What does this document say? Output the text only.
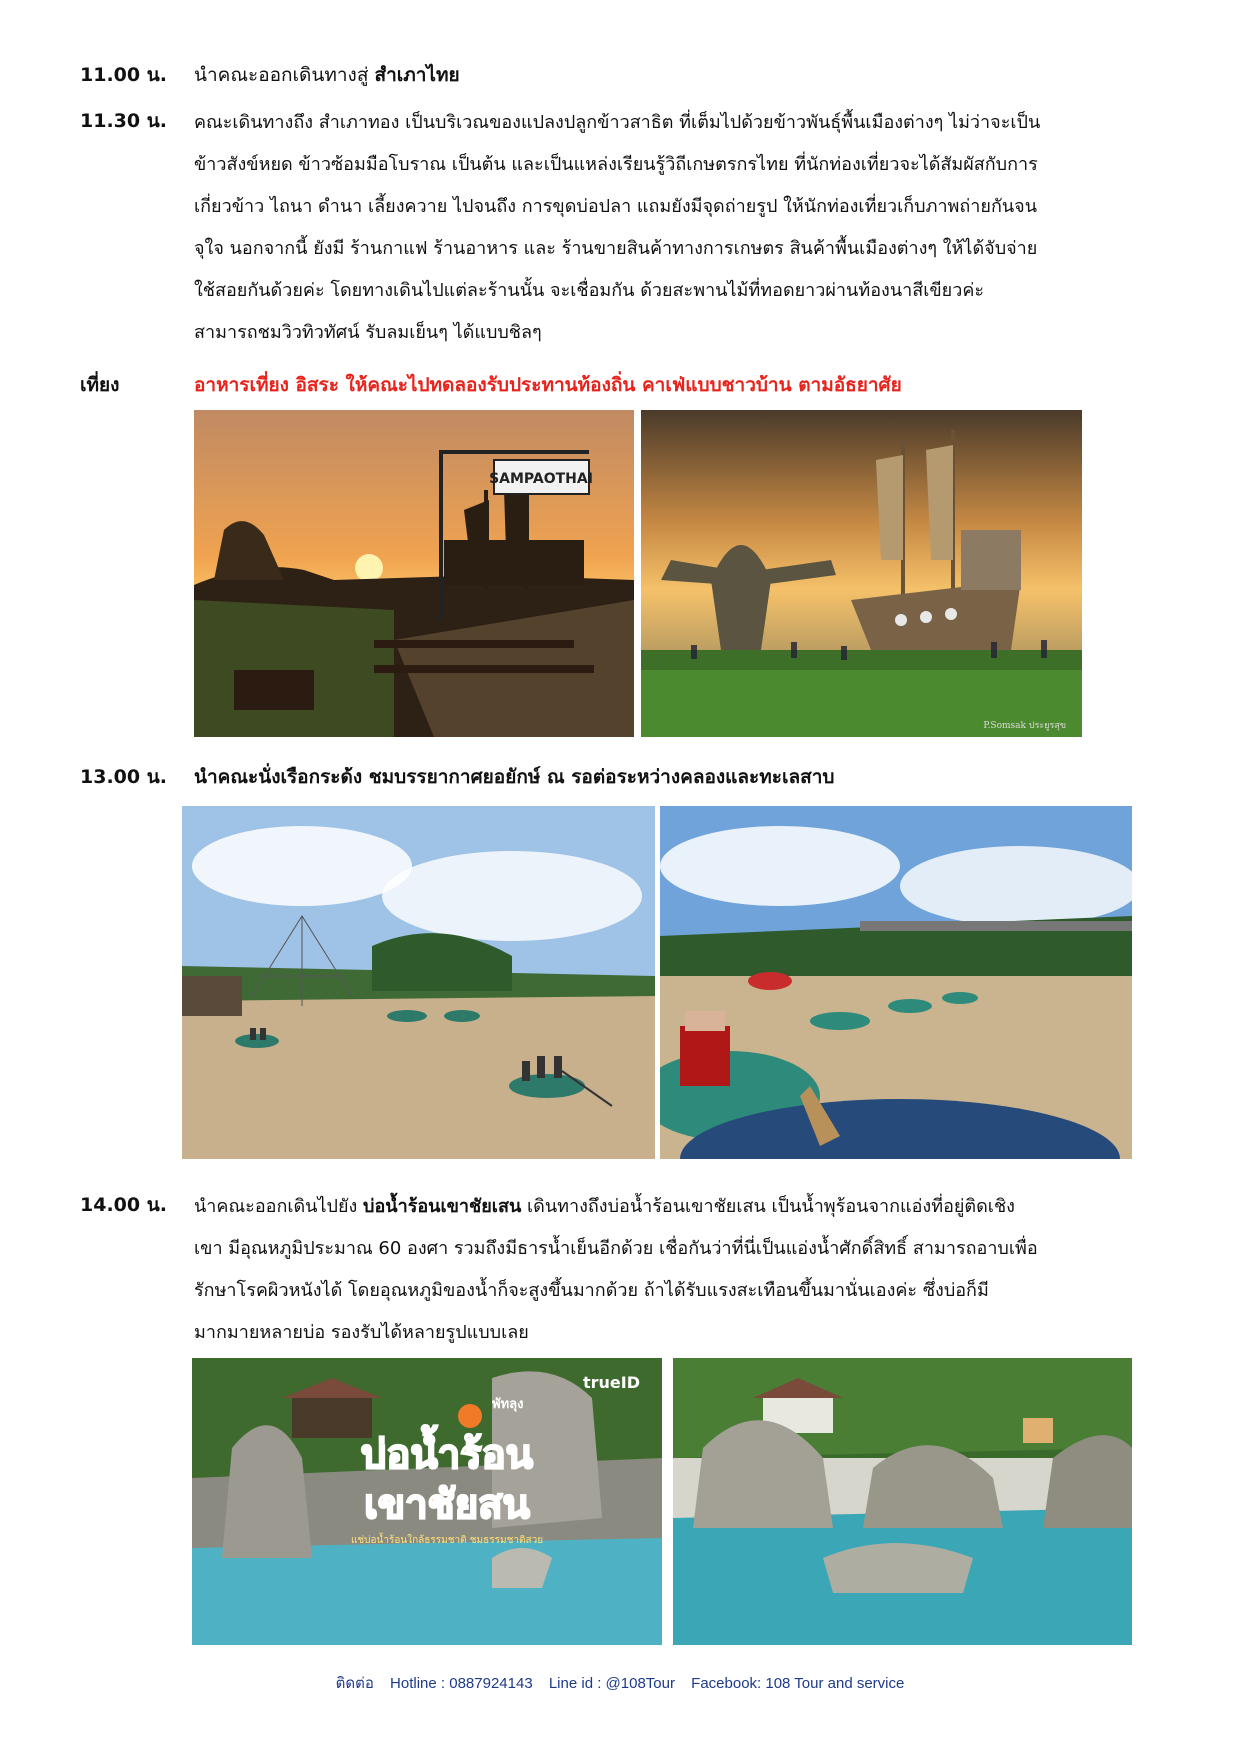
11.00 น. นำคณะออกเดินทางสู่ สำเภาไทย
11.30 น. คณะเดินทางถึง สำเภาทอง เป็นบริเวณของแปลงปลูกข้าวสาธิต ที่เต็มไปด้วยข้าวพันธุ์พื้นเมืองต่างๆ ไม่ว่าจะเป็น
ข้าวสังข์หยด ข้าวซ้อมมือโบราณ เป็นต้น และเป็นแหล่งเรียนรู้วิถีเกษตรกรไทย ที่นักท่องเที่ยวจะได้สัมผัสกับการ
เกี่ยวข้าว ไถนา ดำนา เลี้ยงควาย ไปจนถึง การขุดบ่อปลา แถมยังมีจุดถ่ายรูป ให้นักท่องเที่ยวเก็บภาพถ่ายกันจน
จุใจ นอกจากนี้ ยังมี ร้านกาแฟ ร้านอาหาร และ ร้านขายสินค้าทางการเกษตร สินค้าพื้นเมืองต่างๆ ให้ได้จับจ่าย
ใช้สอยกันด้วยค่ะ โดยทางเดินไปแต่ละร้านนั้น จะเชื่อมกัน ด้วยสะพานไม้ที่ทอดยาวผ่านท้องนาสีเขียวค่ะ
สามารถชมวิวทิวทัศน์ รับลมเย็นๆ ได้แบบชิลๆ
เที่ยง	อาหารเที่ยง อิสระ ให้คณะไปทดลองรับประทานท้องถิ่น คาเฟ่แบบชาวบ้าน ตามอัธยาศัย
SAMPAOTHAI
P.Somsak ประยูรสุข
13.00 น. นำคณะนั่งเรือกระด้ง ชมบรรยากาศยอยักษ์ ณ รอต่อระหว่างคลองและทะเลสาบ
14.00 น. นำคณะออกเดินไปยัง บ่อน้ำร้อนเขาชัยเสน เดินทางถึงบ่อน้ำร้อนเขาชัยเสน เป็นน้ำพุร้อนจากแอ่งที่อยู่ติดเชิง
เขา มีอุณหภูมิประมาณ 60 องศา รวมถึงมีธารน้ำเย็นอีกด้วย เชื่อกันว่าที่นี่เป็นแอ่งน้ำศักดิ์สิทธิ์ สามารถอาบเพื่อ
รักษาโรคผิวหนังได้ โดยอุณหภูมิของน้ำก็จะสูงขึ้นมากด้วย ถ้าได้รับแรงสะเทือนขึ้นมานั่นเองค่ะ ซึ่งบ่อก็มี
มากมายหลายบ่อ รองรับได้หลายรูปแบบเลย
trueID
พัทลุง
บ่อน้ำร้อน
เขาชัยสน
แช่บ่อน้ำร้อนใกล้ธรรมชาติ ชมธรรมชาติสวย
ติดต่อ Hotline : 0887924143 Line id : @108Tour Facebook: 108 Tour and service
